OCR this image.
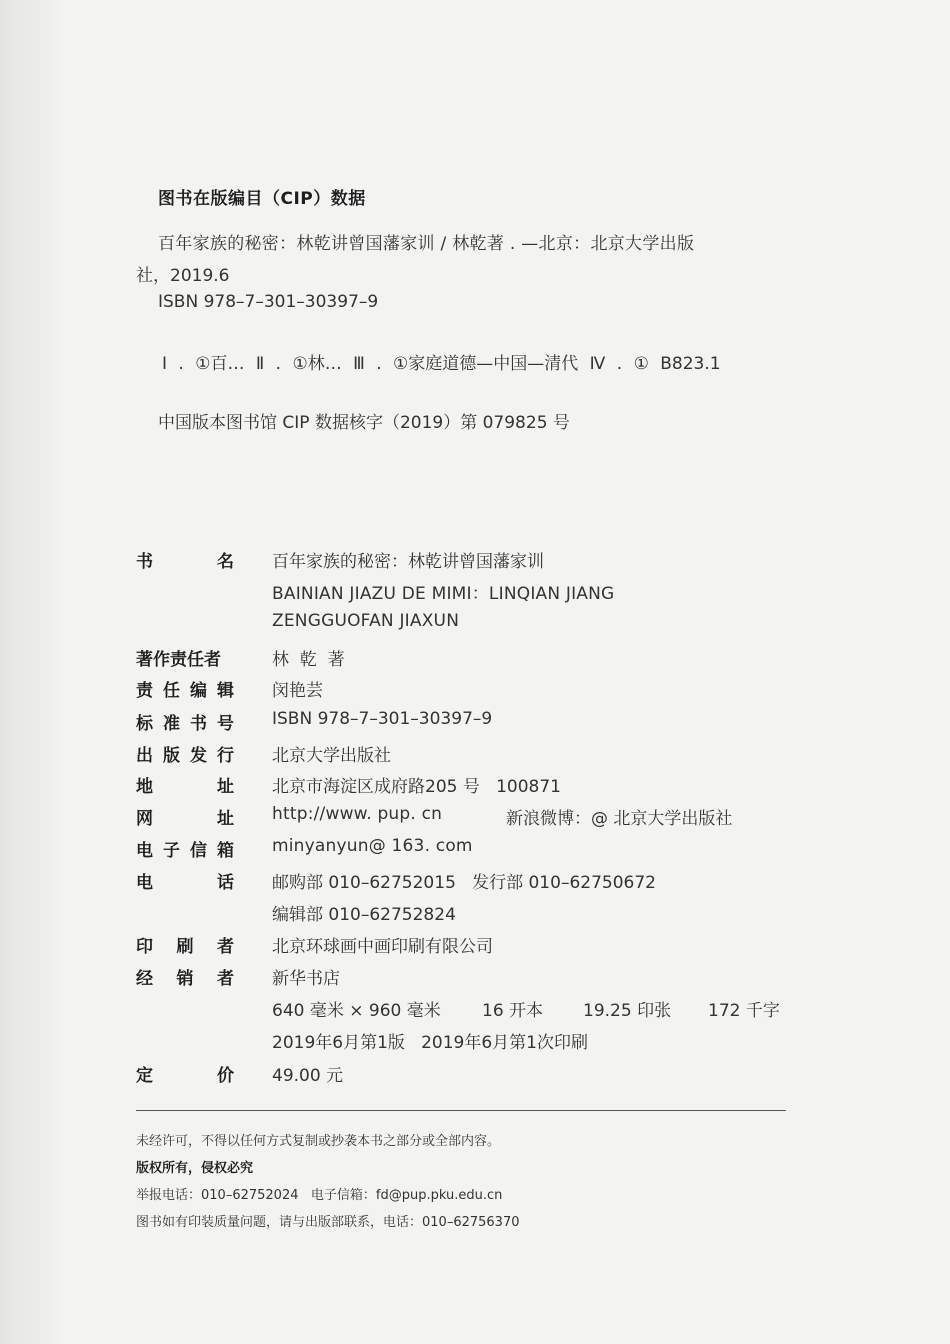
图书在版编目（CIP）数据
百年家族的秘密：林乾讲曾国藩家训 / 林乾著 . —北京：北京大学出版
社，2019.6
ISBN 978–7–301–30397–9
Ⅰ . ①百… Ⅱ . ①林… Ⅲ . ①家庭道德—中国—清代 Ⅳ . ① B823.1
中国版本图书馆 CIP 数据核字（2019）第 079825 号
书	名 百年家族的秘密：林乾讲曾国藩家训
BAINIAN JIAZU DE MIMI：LINQIAN JIANG
ZENGGUOFAN JIAXUN
著作责任者	林  乾  著
责 任 编 辑 闵艳芸
标 准 书 号 ISBN 978–7–301–30397–9
出 版 发 行 北京大学出版社
地	址 北京市海淀区成府路205 号   100871
网	址 http://www. pup. cn	新浪微博：@ 北京大学出版社
电 子 信 箱 minyanyun@ 163. com
电	话 邮购部 010–62752015   发行部 010–62750672
编辑部 010–62752824
印 刷 者 北京环球画中画印刷有限公司
经 销 者 新华书店
640 毫米 × 960 毫米 16 开本 19.25 印张 172 千字
2019年6月第1版   2019年6月第1次印刷
定	价 49.00 元
未经许可，不得以任何方式复制或抄袭本书之部分或全部内容。
版权所有，侵权必究
举报电话：010–62752024   电子信箱：fd@pup.pku.edu.cn
图书如有印装质量问题，请与出版部联系，电话：010–62756370
